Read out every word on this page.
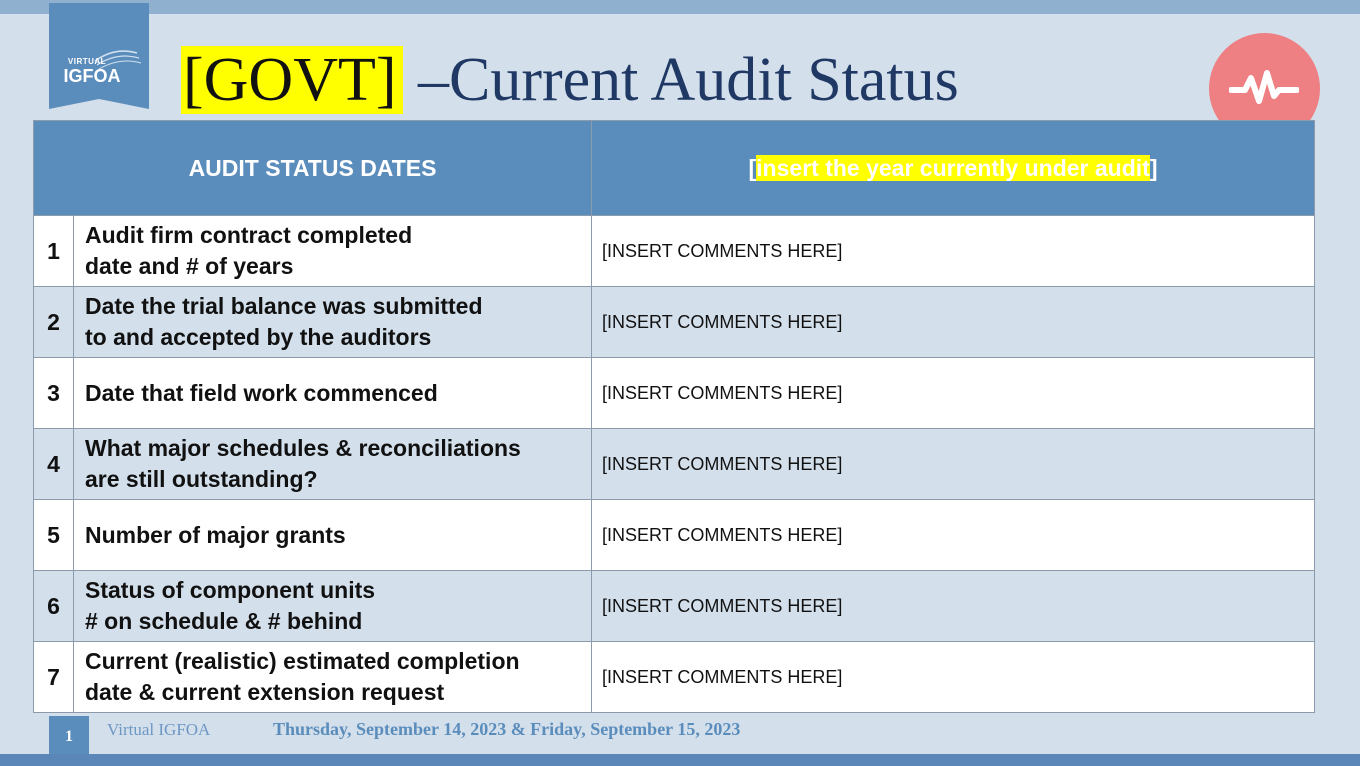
VIRTUAL
IGFOA	[GOVT] –Current Audit Status
AUDIT STATUS DATES		[insert the year currently under audit]
1	Audit firm contract completed
date and # of years	[INSERT COMMENTS HERE]
2	Date the trial balance was submitted
to and accepted by the auditors	[INSERT COMMENTS HERE]
3	Date that field work commenced	[INSERT COMMENTS HERE]
4	What major schedules & reconciliations
are still outstanding?	[INSERT COMMENTS HERE]
5	Number of major grants	[INSERT COMMENTS HERE]
6	Status of component units
# on schedule & # behind	[INSERT COMMENTS HERE]
7	Current (realistic) estimated completion
date & current extension request	[INSERT COMMENTS HERE]
1	Virtual IGFOA	Thursday, September 14, 2023 & Friday, September 15, 2023
